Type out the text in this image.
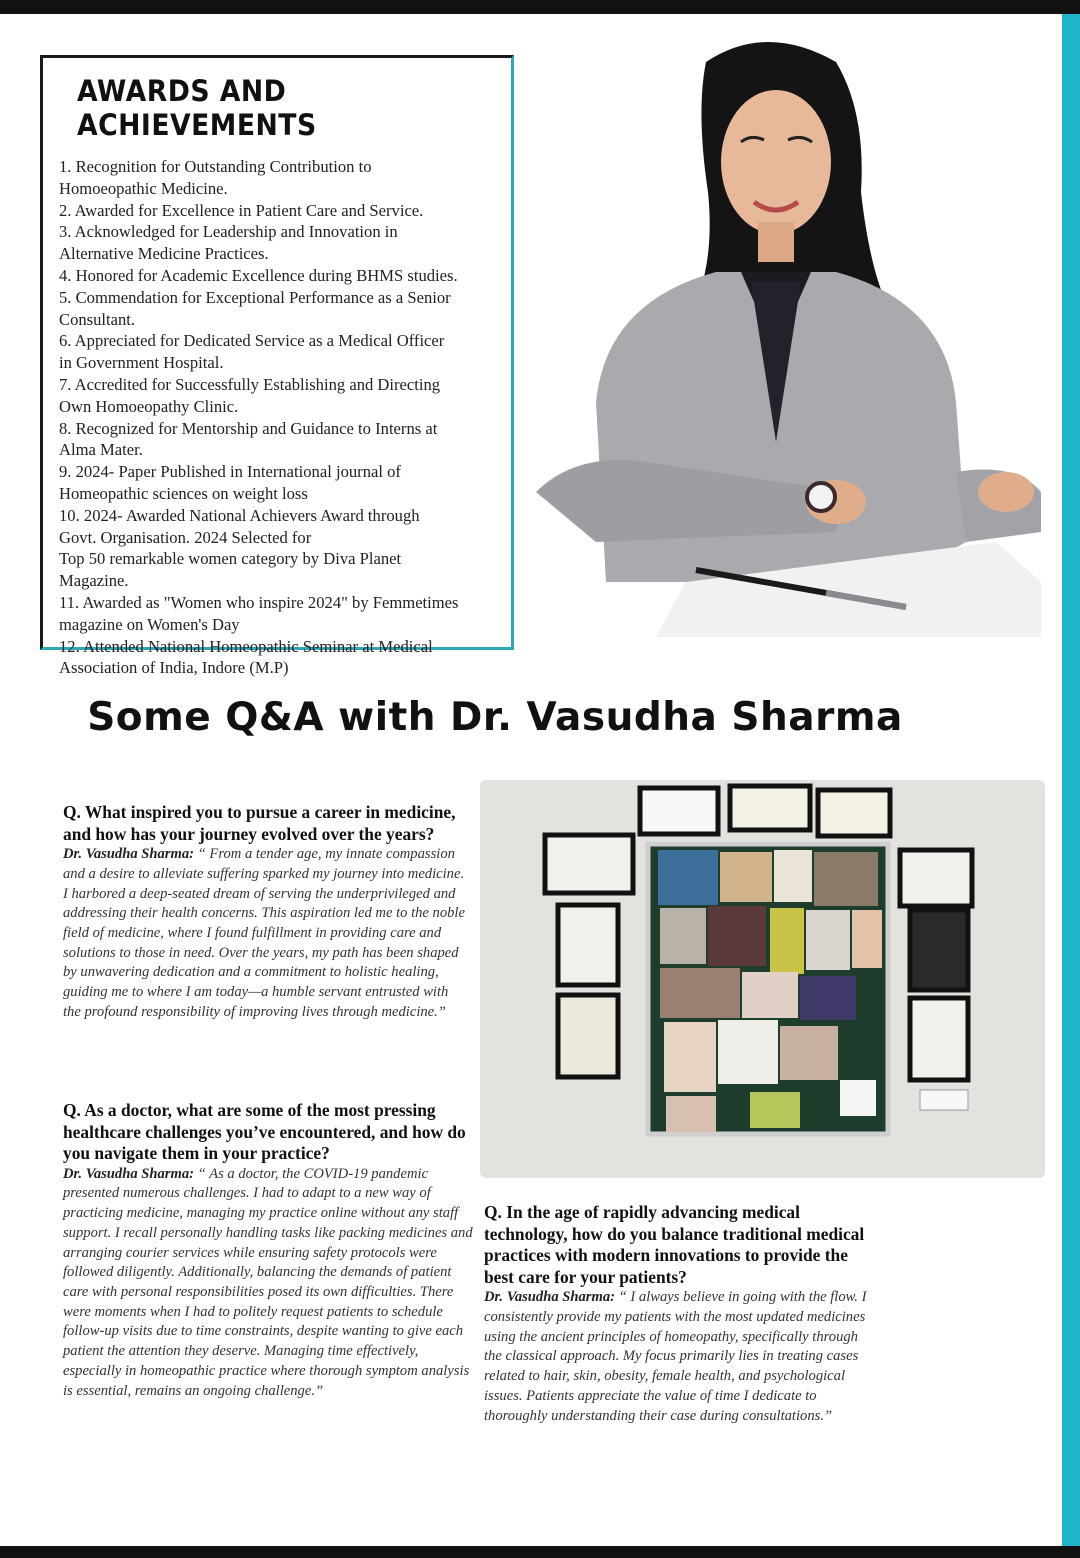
AWARDS AND ACHIEVEMENTS
1. Recognition for Outstanding Contribution to
Homoeopathic Medicine.
2. Awarded for Excellence in Patient Care and Service.
3. Acknowledged for Leadership and Innovation in
Alternative Medicine Practices.
4. Honored for Academic Excellence during BHMS studies.
5. Commendation for Exceptional Performance as a Senior
Consultant.
6. Appreciated for Dedicated Service as a Medical Officer
in Government Hospital.
7. Accredited for Successfully Establishing and Directing
Own Homoeopathy Clinic.
8. Recognized for Mentorship and Guidance to Interns at
Alma Mater.
9. 2024- Paper Published in International journal of
Homeopathic sciences on weight loss
10. 2024- Awarded National Achievers Award through
Govt. Organisation. 2024 Selected for
Top 50 remarkable women category by Diva Planet
Magazine.
11. Awarded as "Women who inspire 2024" by Femmetimes
magazine on Women's Day
12. Attended National Homeopathic Seminar at Medical
Association of India, Indore (M.P)
Some Q&A with Dr. Vasudha Sharma
Q. What inspired you to pursue a career in medicine, and how has your journey evolved over the years?
Dr. Vasudha Sharma: “ From a tender age, my innate compassion and a desire to alleviate suffering sparked my journey into medicine. I harbored a deep-seated dream of serving the underprivileged and addressing their health concerns. This aspiration led me to the noble field of medicine, where I found fulfillment in providing care and solutions to those in need. Over the years, my path has been shaped by unwavering dedication and a commitment to holistic healing, guiding me to where I am today—a humble servant entrusted with the profound responsibility of improving lives through medicine.”
Q. As a doctor, what are some of the most pressing healthcare challenges you’ve encountered, and how do you navigate them in your practice?
Dr. Vasudha Sharma: “ As a doctor, the COVID-19 pandemic presented numerous challenges. I had to adapt to a new way of practicing medicine, managing my practice online without any staff support. I recall personally handling tasks like packing medicines and arranging courier services while ensuring safety protocols were followed diligently. Additionally, balancing the demands of patient care with personal responsibilities posed its own difficulties. There were moments when I had to politely request patients to schedule follow-up visits due to time constraints, despite wanting to give each patient the attention they deserve. Managing time effectively, especially in homeopathic practice where thorough symptom analysis is essential, remains an ongoing challenge.”
Q. In the age of rapidly advancing medical technology, how do you balance traditional medical practices with modern innovations to provide the best care for your patients?
Dr. Vasudha Sharma: “ I always believe in going with the flow. I consistently provide my patients with the most updated medicines using the ancient principles of homeopathy, specifically through the classical approach. My focus primarily lies in treating cases related to hair, skin, obesity, female health, and psychological issues. Patients appreciate the value of time I dedicate to thoroughly understanding their case during consultations.”
